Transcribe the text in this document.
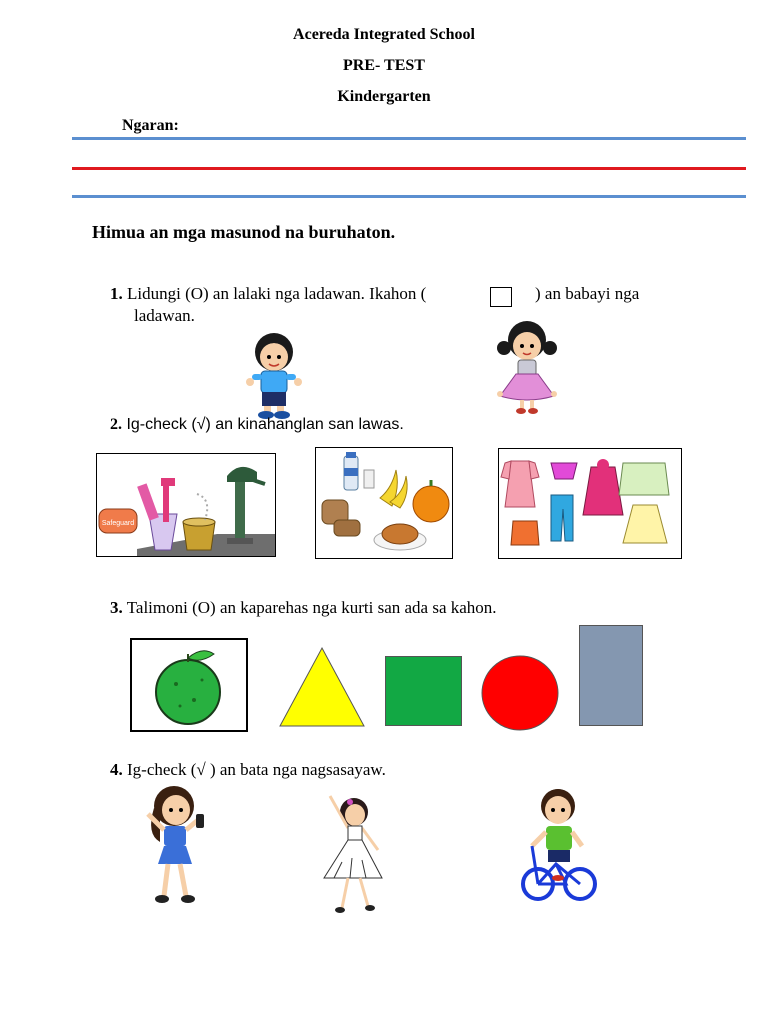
Acereda Integrated School
PRE- TEST
Kindergarten
Ngaran:
Himua an mga masunod na buruhaton.
1. Lidungi (O) an lalaki nga ladawan. Ikahon (	) an babayi nga
ladawan.
2. Ig-check (√) an kinahanglan san lawas.
Safeguard
3. Talimoni (O) an kaparehas nga kurti san ada sa kahon.
4. Ig-check (√ ) an bata nga nagsasayaw.
